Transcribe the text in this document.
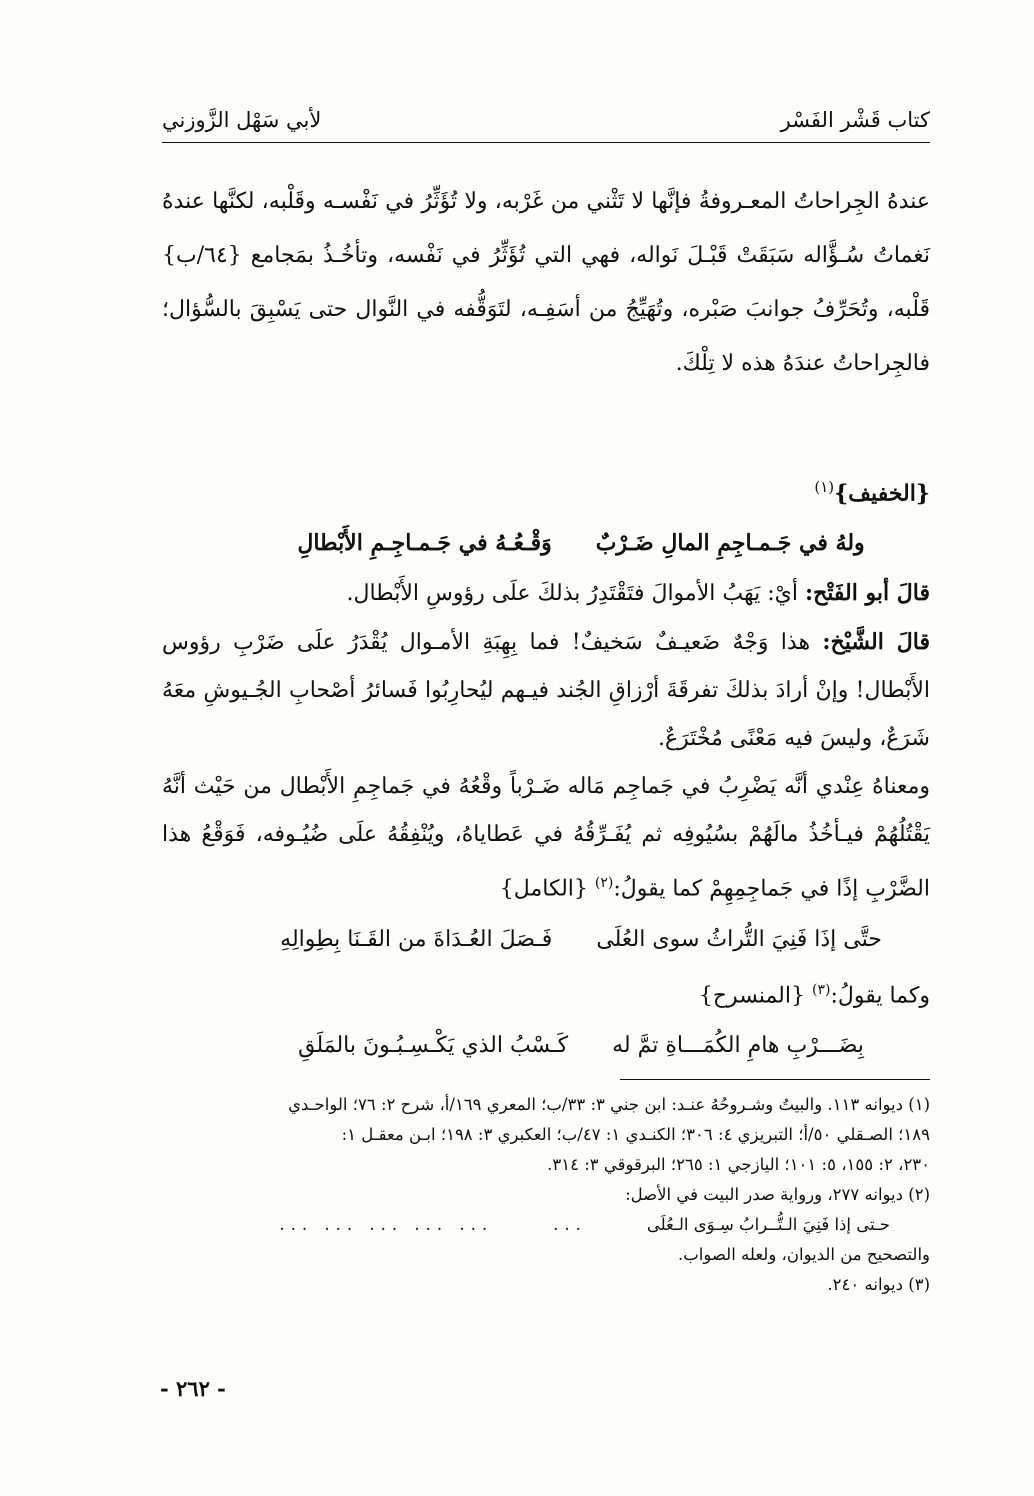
كتاب قَشْر الفَسْر
لأبي سَهْل الزَّوزني

عندهُ الجِراحاتُ المعـروفةُ فإنَّها لا تَثْني من غَرْبه، ولا تُؤَثِّرُ في نَفْسـه وقَلْبه، لكنَّها عندهُ نَغماتُ سُـؤَّاله سَبَقَتْ قَبْـلَ نَواله، فهي التي تُؤَثِّرُ في نَفْسه، وتأخُـذُ بمَجامع {٦٤/ب} قَلْبه، وتُحَرِّفُ جوانبَ صَبْره، وتُهَيِّجُ من أسَفِـه، لتَوَقُّفه في النَّوال حتى يَسْبِقَ بالسُّؤال؛ فالجِراحاتُ عندَهُ هذه لا تِلْكَ.

{الخفيف}$^{(١)}$
ولهُ في جَـمـاجِمِ المالِ ضَـرْبٌ
وَقْـعُـهُ في جَـمـاجِـمِ الأَبْطالِ

قالَ أبو الفَتْح: أيْ: يَهَبُ الأموالَ فتَقْتَدِرُ بذلكَ علَى رؤوسِ الأَبْطال.

قالَ الشَّيْخ: هذا وَجْهٌ ضَعيـفٌ سَخيفٌ! فما بِهِبَةِ الأمـوال يُقْدَرُ علَى ضَرْبِ رؤوس الأَبْطال! وإنْ أرادَ بذلكَ تفرقَةَ أرْزاقِ الجُند فيـهم ليُحارِبُوا فَسائرُ أصْحابِ الجُـيوشِ معَهُ شَرَعٌ، وليسَ فيه مَعْنًى مُخْتَرَعٌ.

ومعناهُ عِنْدي أنَّه يَضْرِبُ في جَماجِم مَاله ضَـرْباً وقْعُهُ في جَماجِمِ الأَبْطال من حَيْث أنَّهُ يَقْتُلُهُمْ فيـأخُذُ مالَهُمْ بسُيُوفِه ثم يُفَـرِّقُهُ في عَطاياهُ، ويُنْفِقُهُ علَى ضُيُـوفه، فَوَقْعُ هذا الضَّرْبِ إذًا في جَماجِمِهِمْ كما يقولُ:$^{(٢)}$ {الكامل}

حتَّى إذَا فَنِيَ التُّراثُ سوى العُلَى
فَـصَلَ العُـدَاةَ من القَـنَا بِطِوالِهِ

وكما يقولُ:$^{(٣)}$ {المنسرح}

بِضَـــرْبِ هامِ الكُمَـــاةِ تمَّ له
كَـسْبُ الذي يَكْـسِـبُـونَ بالمَلَقِ
(١) ديوانه ١١٣. والبيتُ وشـروحُهُ عنـد: ابن جني ٣: ٣٣/ب؛ المعري ١٦٩/أ، شرح ٢: ٧٦؛ الواحـدي
١٨٩؛ الصـقلي ٥٠/أ؛ التبريزي ٤: ٣٠٦؛ الكنـدي ١: ٤٧/ب؛ العكبري ٣: ١٩٨؛ ابـن معقـل ١:
٢٣٠، ٢: ١٥٥، ٥: ١٠١؛ اليازجي ١: ٢٦٥؛ البرقوقي ٣: ٣١٤.
(٢) ديوانه ٢٧٧، ورواية صدر البيت في الأصل:
حـتى إذا فَنِيَ الـتُّــرابُ سِـوَى الـعُلَى
...
... ... ... ... ...
والتصحيح من الديوان، ولعله الصواب.
(٣) ديوانه ٢٤٠.
- ٢٦٢ -
